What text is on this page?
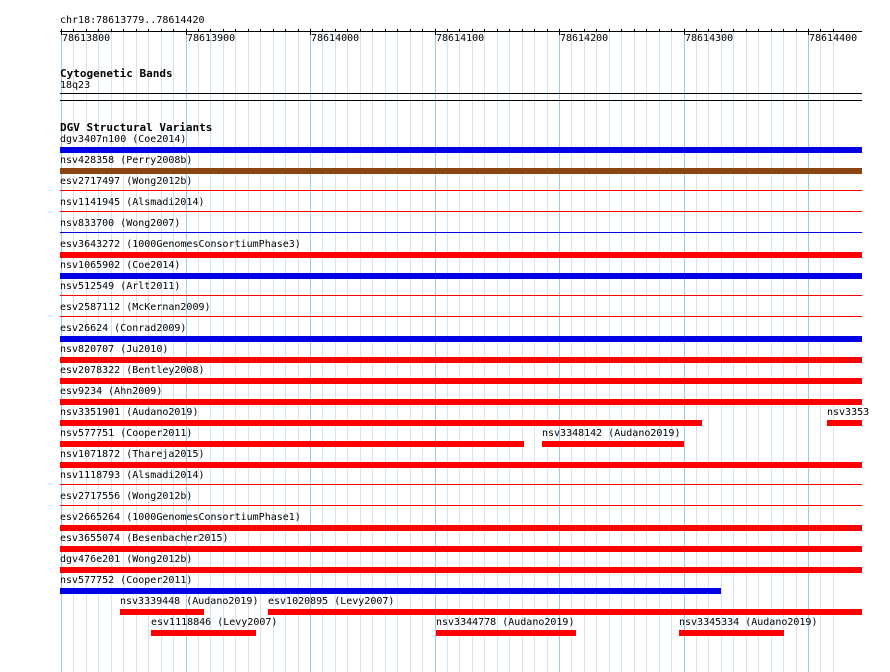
chr18:78613779..78614420
78613800	78613900	78614000	78614100	78614200	78614300	78614400
Cytogenetic Bands
18q23
DGV Structural Variants
dgv3407n100 (Coe2014)
nsv428358 (Perry2008b)
esv2717497 (Wong2012b)
nsv1141945 (Alsmadi2014)
nsv833700 (Wong2007)
esv3643272 (1000GenomesConsortiumPhase3)
nsv1065902 (Coe2014)
nsv512549 (Arlt2011)
esv2587112 (McKernan2009)
esv26624 (Conrad2009)
nsv820707 (Ju2010)
esv2078322 (Bentley2008)
esv9234 (Ahn2009)
nsv3351901 (Audano2019)	nsv3353
nsv577751 (Cooper2011)	nsv3348142 (Audano2019)
nsv1071872 (Thareja2015)
nsv1118793 (Alsmadi2014)
esv2717556 (Wong2012b)
esv2665264 (1000GenomesConsortiumPhase1)
esv3655074 (Besenbacher2015)
dgv476e201 (Wong2012b)
nsv577752 (Cooper2011)
nsv3339448 (Audano2019) esv1020895 (Levy2007)
esv1118846 (Levy2007)	nsv3344778 (Audano2019)	nsv3345334 (Audano2019)
